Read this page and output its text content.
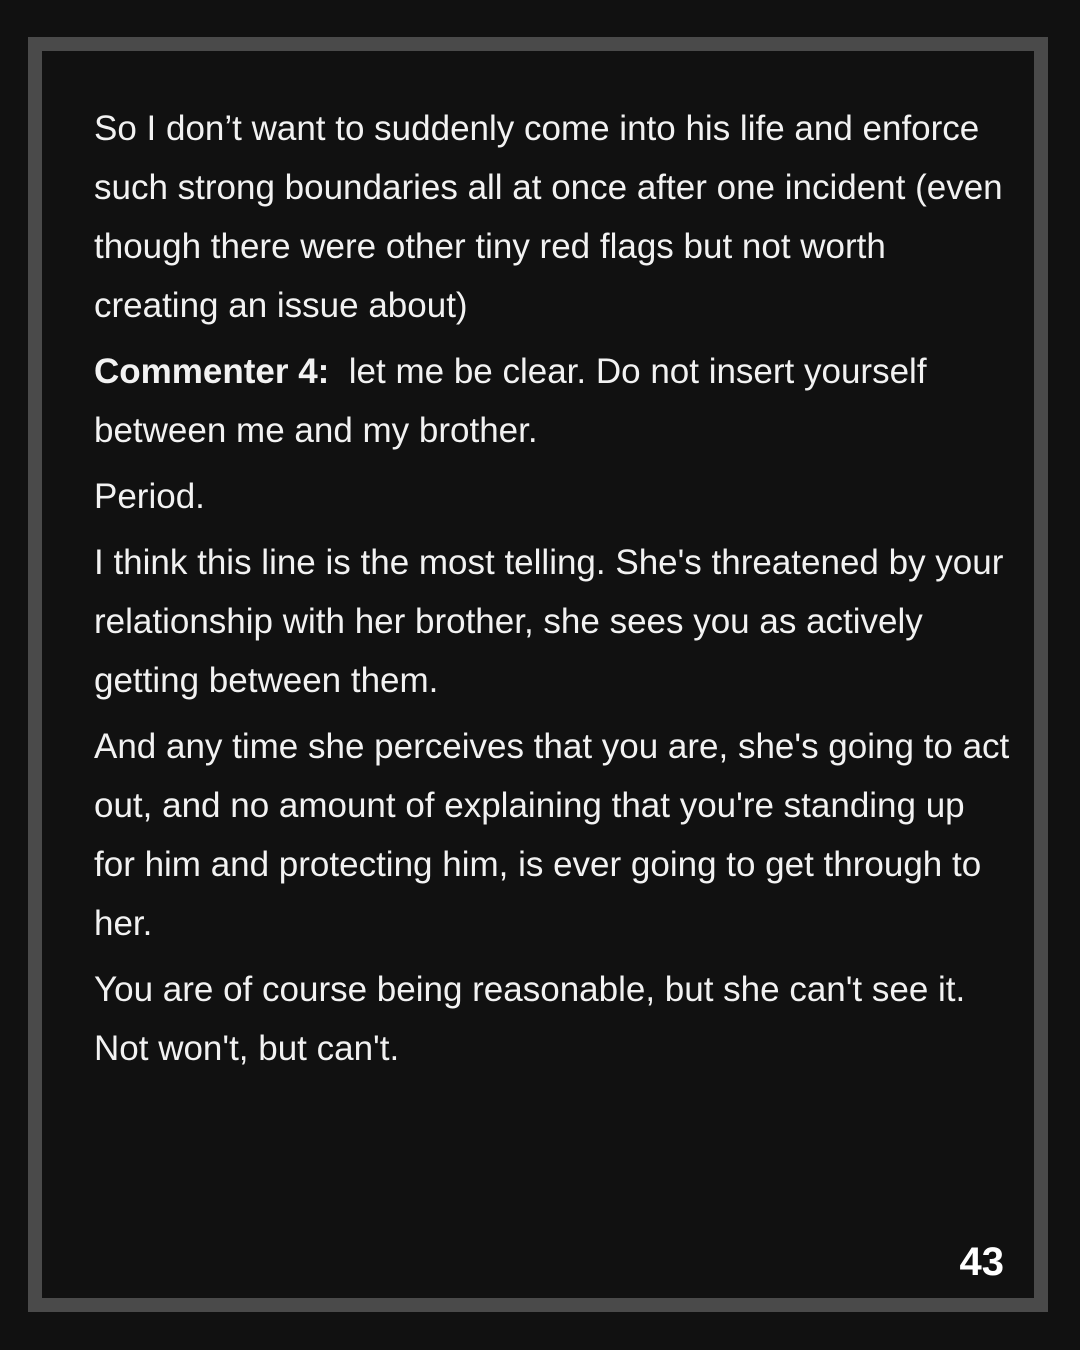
So I don’t want to suddenly come into his life and enforce such strong boundaries all at once after one incident (even though there were other tiny red flags but not worth creating an issue about)

Commenter 4: let me be clear. Do not insert yourself between me and my brother.

Period.

I think this line is the most telling. She's threatened by your relationship with her brother, she sees you as actively getting between them.

And any time she perceives that you are, she's going to act out, and no amount of explaining that you're standing up for him and protecting him, is ever going to get through to her.

You are of course being reasonable, but she can't see it. Not won't, but can't.

43
